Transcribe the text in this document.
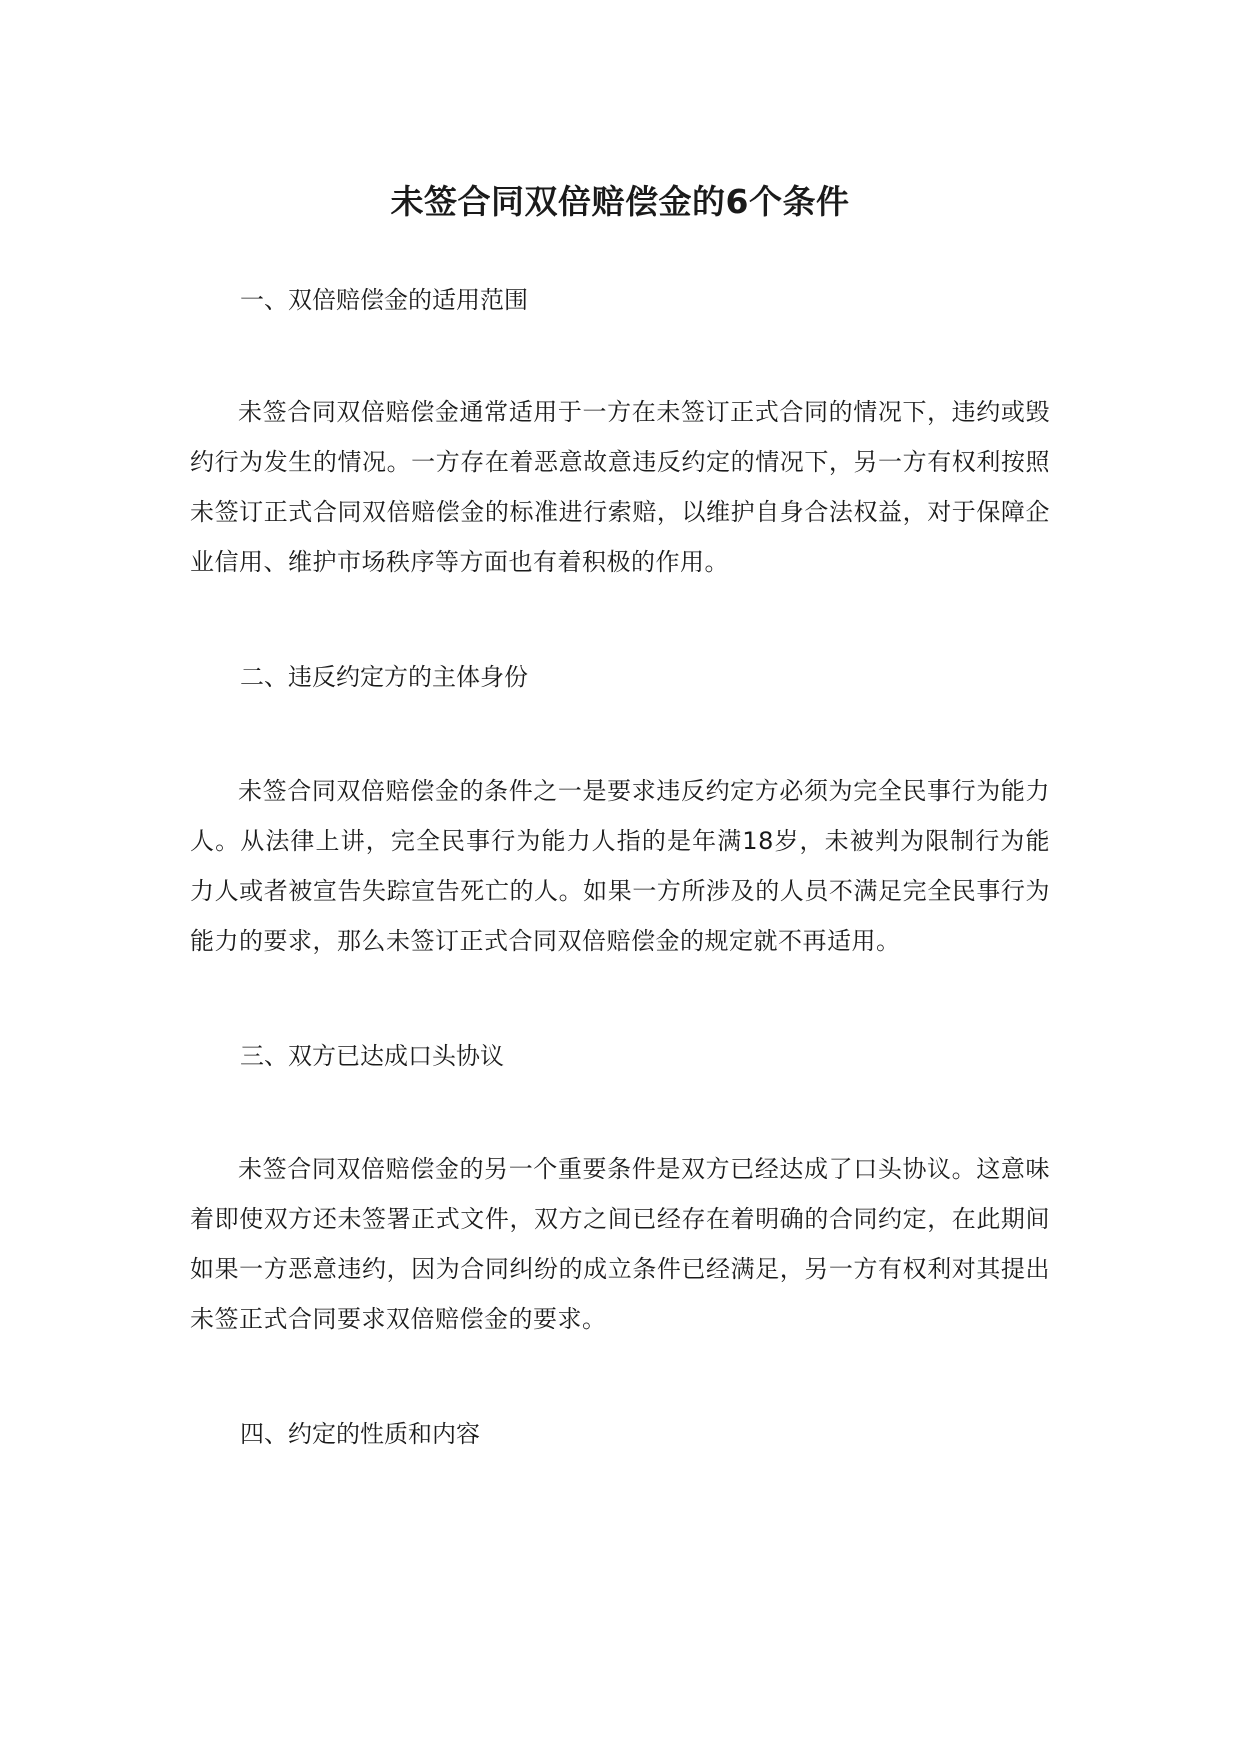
未签合同双倍赔偿金的6个条件
一、双倍赔偿金的适用范围
未签合同双倍赔偿金通常适用于一方在未签订正式合同的情况下，违约或毁约行为发生的情况。一方存在着恶意故意违反约定的情况下，另一方有权利按照未签订正式合同双倍赔偿金的标准进行索赔，以维护自身合法权益，对于保障企业信用、维护市场秩序等方面也有着积极的作用。
二、违反约定方的主体身份
未签合同双倍赔偿金的条件之一是要求违反约定方必须为完全民事行为能力人。从法律上讲，完全民事行为能力人指的是年满18岁，未被判为限制行为能力人或者被宣告失踪宣告死亡的人。如果一方所涉及的人员不满足完全民事行为能力的要求，那么未签订正式合同双倍赔偿金的规定就不再适用。
三、双方已达成口头协议
未签合同双倍赔偿金的另一个重要条件是双方已经达成了口头协议。这意味着即使双方还未签署正式文件，双方之间已经存在着明确的合同约定，在此期间如果一方恶意违约，因为合同纠纷的成立条件已经满足，另一方有权利对其提出未签正式合同要求双倍赔偿金的要求。
四、约定的性质和内容
